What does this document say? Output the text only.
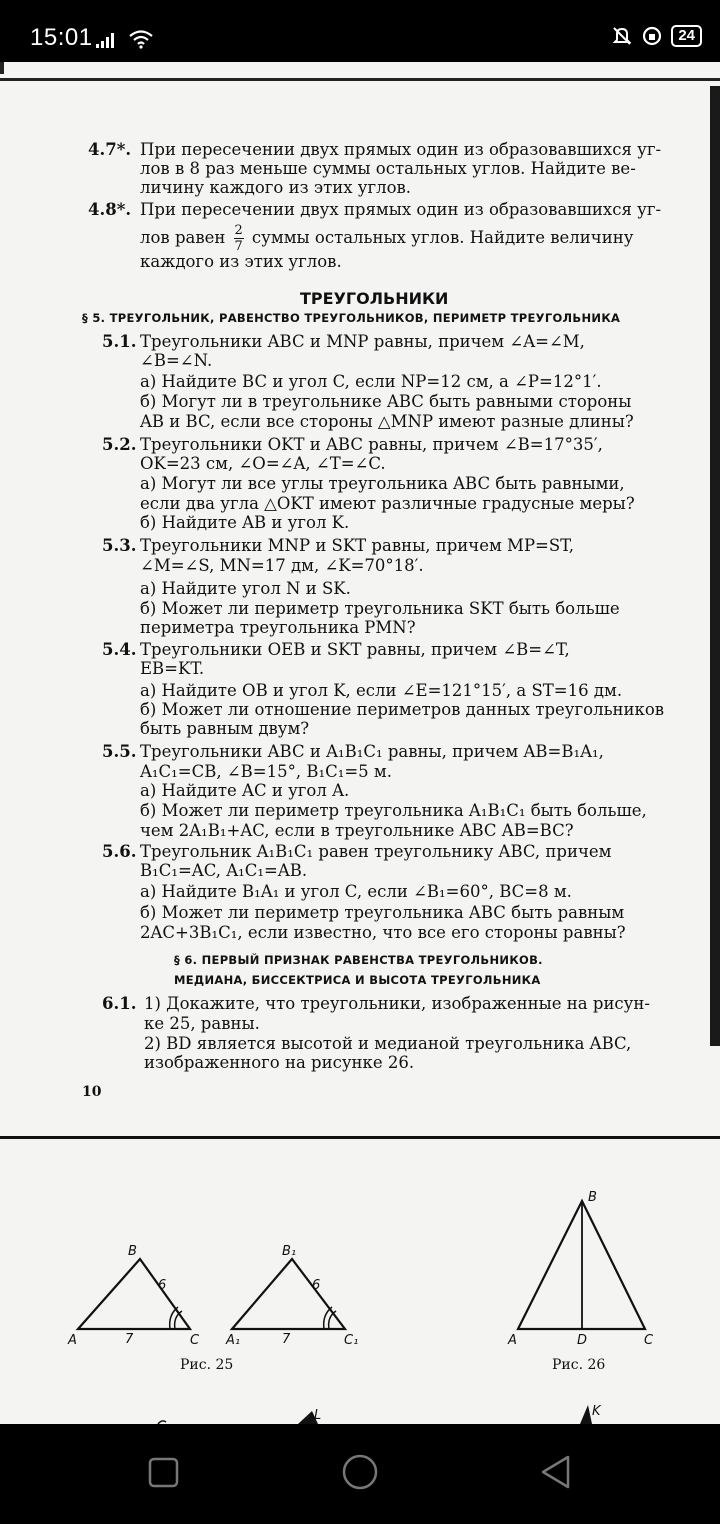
15:01	24
4.7*. При пересечении двух прямых один из образовавшихся уг-
лов в 8 раз меньше суммы остальных углов. Найдите ве-
личину каждого из этих углов.
4.8*. При пересечении двух прямых один из образовавшихся уг-
лов равен $\frac{2}{7}$ суммы остальных углов. Найдите величину
каждого из этих углов.
ТРЕУГОЛЬНИКИ
§ 5. ТРЕУГОЛЬНИК, РАВЕНСТВО ТРЕУГОЛЬНИКОВ, ПЕРИМЕТР ТРЕУГОЛЬНИКА
5.1. Треугольники ABC и MNP равны, причем ∠A=∠M,
∠B=∠N.
а) Найдите BC и угол C, если NP=12 см, а ∠P=12°1′.
б) Могут ли в треугольнике ABC быть равными стороны
AB и BC, если все стороны △MNP имеют разные длины?
5.2. Треугольники OKT и ABC равны, причем ∠B=17°35′,
OK=23 см, ∠O=∠A, ∠T=∠C.
а) Могут ли все углы треугольника ABC быть равными,
если два угла △OKT имеют различные градусные меры?
б) Найдите AB и угол K.
5.3. Треугольники MNP и SKT равны, причем MP=ST,
∠M=∠S, MN=17 дм, ∠K=70°18′.
а) Найдите угол N и SK.
б) Может ли периметр треугольника SKT быть больше
периметра треугольника PMN?
5.4. Треугольники OEB и SKT равны, причем ∠B=∠T,
EB=KT.
а) Найдите OB и угол K, если ∠E=121°15′, а ST=16 дм.
б) Может ли отношение периметров данных треугольников
быть равным двум?
5.5. Треугольники ABC и A₁B₁C₁ равны, причем AB=B₁A₁,
A₁C₁=CB, ∠B=15°, B₁C₁=5 м.
а) Найдите AC и угол A.
б) Может ли периметр треугольника A₁B₁C₁ быть больше,
чем 2A₁B₁+AC, если в треугольнике ABC AB=BC?
5.6. Треугольник A₁B₁C₁ равен треугольнику ABC, причем
B₁C₁=AC, A₁C₁=AB.
а) Найдите B₁A₁ и угол C, если ∠B₁=60°, BC=8 м.
б) Может ли периметр треугольника ABC быть равным
2AC+3B₁C₁, если известно, что все его стороны равны?
§ 6. ПЕРВЫЙ ПРИЗНАК РАВЕНСТВА ТРЕУГОЛЬНИКОВ.
МЕДИАНА, БИССЕКТРИСА И ВЫСОТА ТРЕУГОЛЬНИКА
6.1. 1) Докажите, что треугольники, изображенные на рисун-
ке 25, равны.
2) BD является высотой и медианой треугольника ABC,
изображенного на рисунке 26.
10
A
B
C
7
6
A₁
B₁
C₁
7
6
A
B
C
D
L	K
Рис. 25	Рис. 26
